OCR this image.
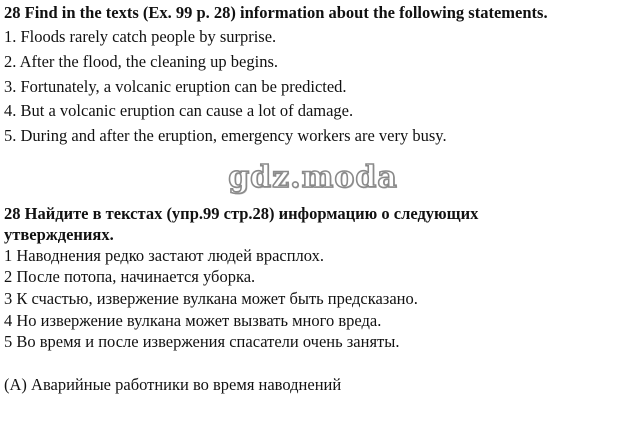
28 Find in the texts (Ex. 99 p. 28) information about the following statements.
1. Floods rarely catch people by surprise.
2. After the flood, the cleaning up begins.
3. Fortunately, a volcanic eruption can be predicted.
4. But a volcanic eruption can cause a lot of damage.
5. During and after the eruption, emergency workers are very busy.
gdz.moda
28 Найдите в текстах (упр.99 стр.28) информацию о следующих утверждениях.
1 Наводнения редко застают людей врасплох.
2 После потопа, начинается уборка.
3 К счастью, извержение вулкана может быть предсказано.
4 Но извержение вулкана может вызвать много вреда.
5 Во время и после извержения спасатели очень заняты.
(A) Аварийные работники во время наводнений
